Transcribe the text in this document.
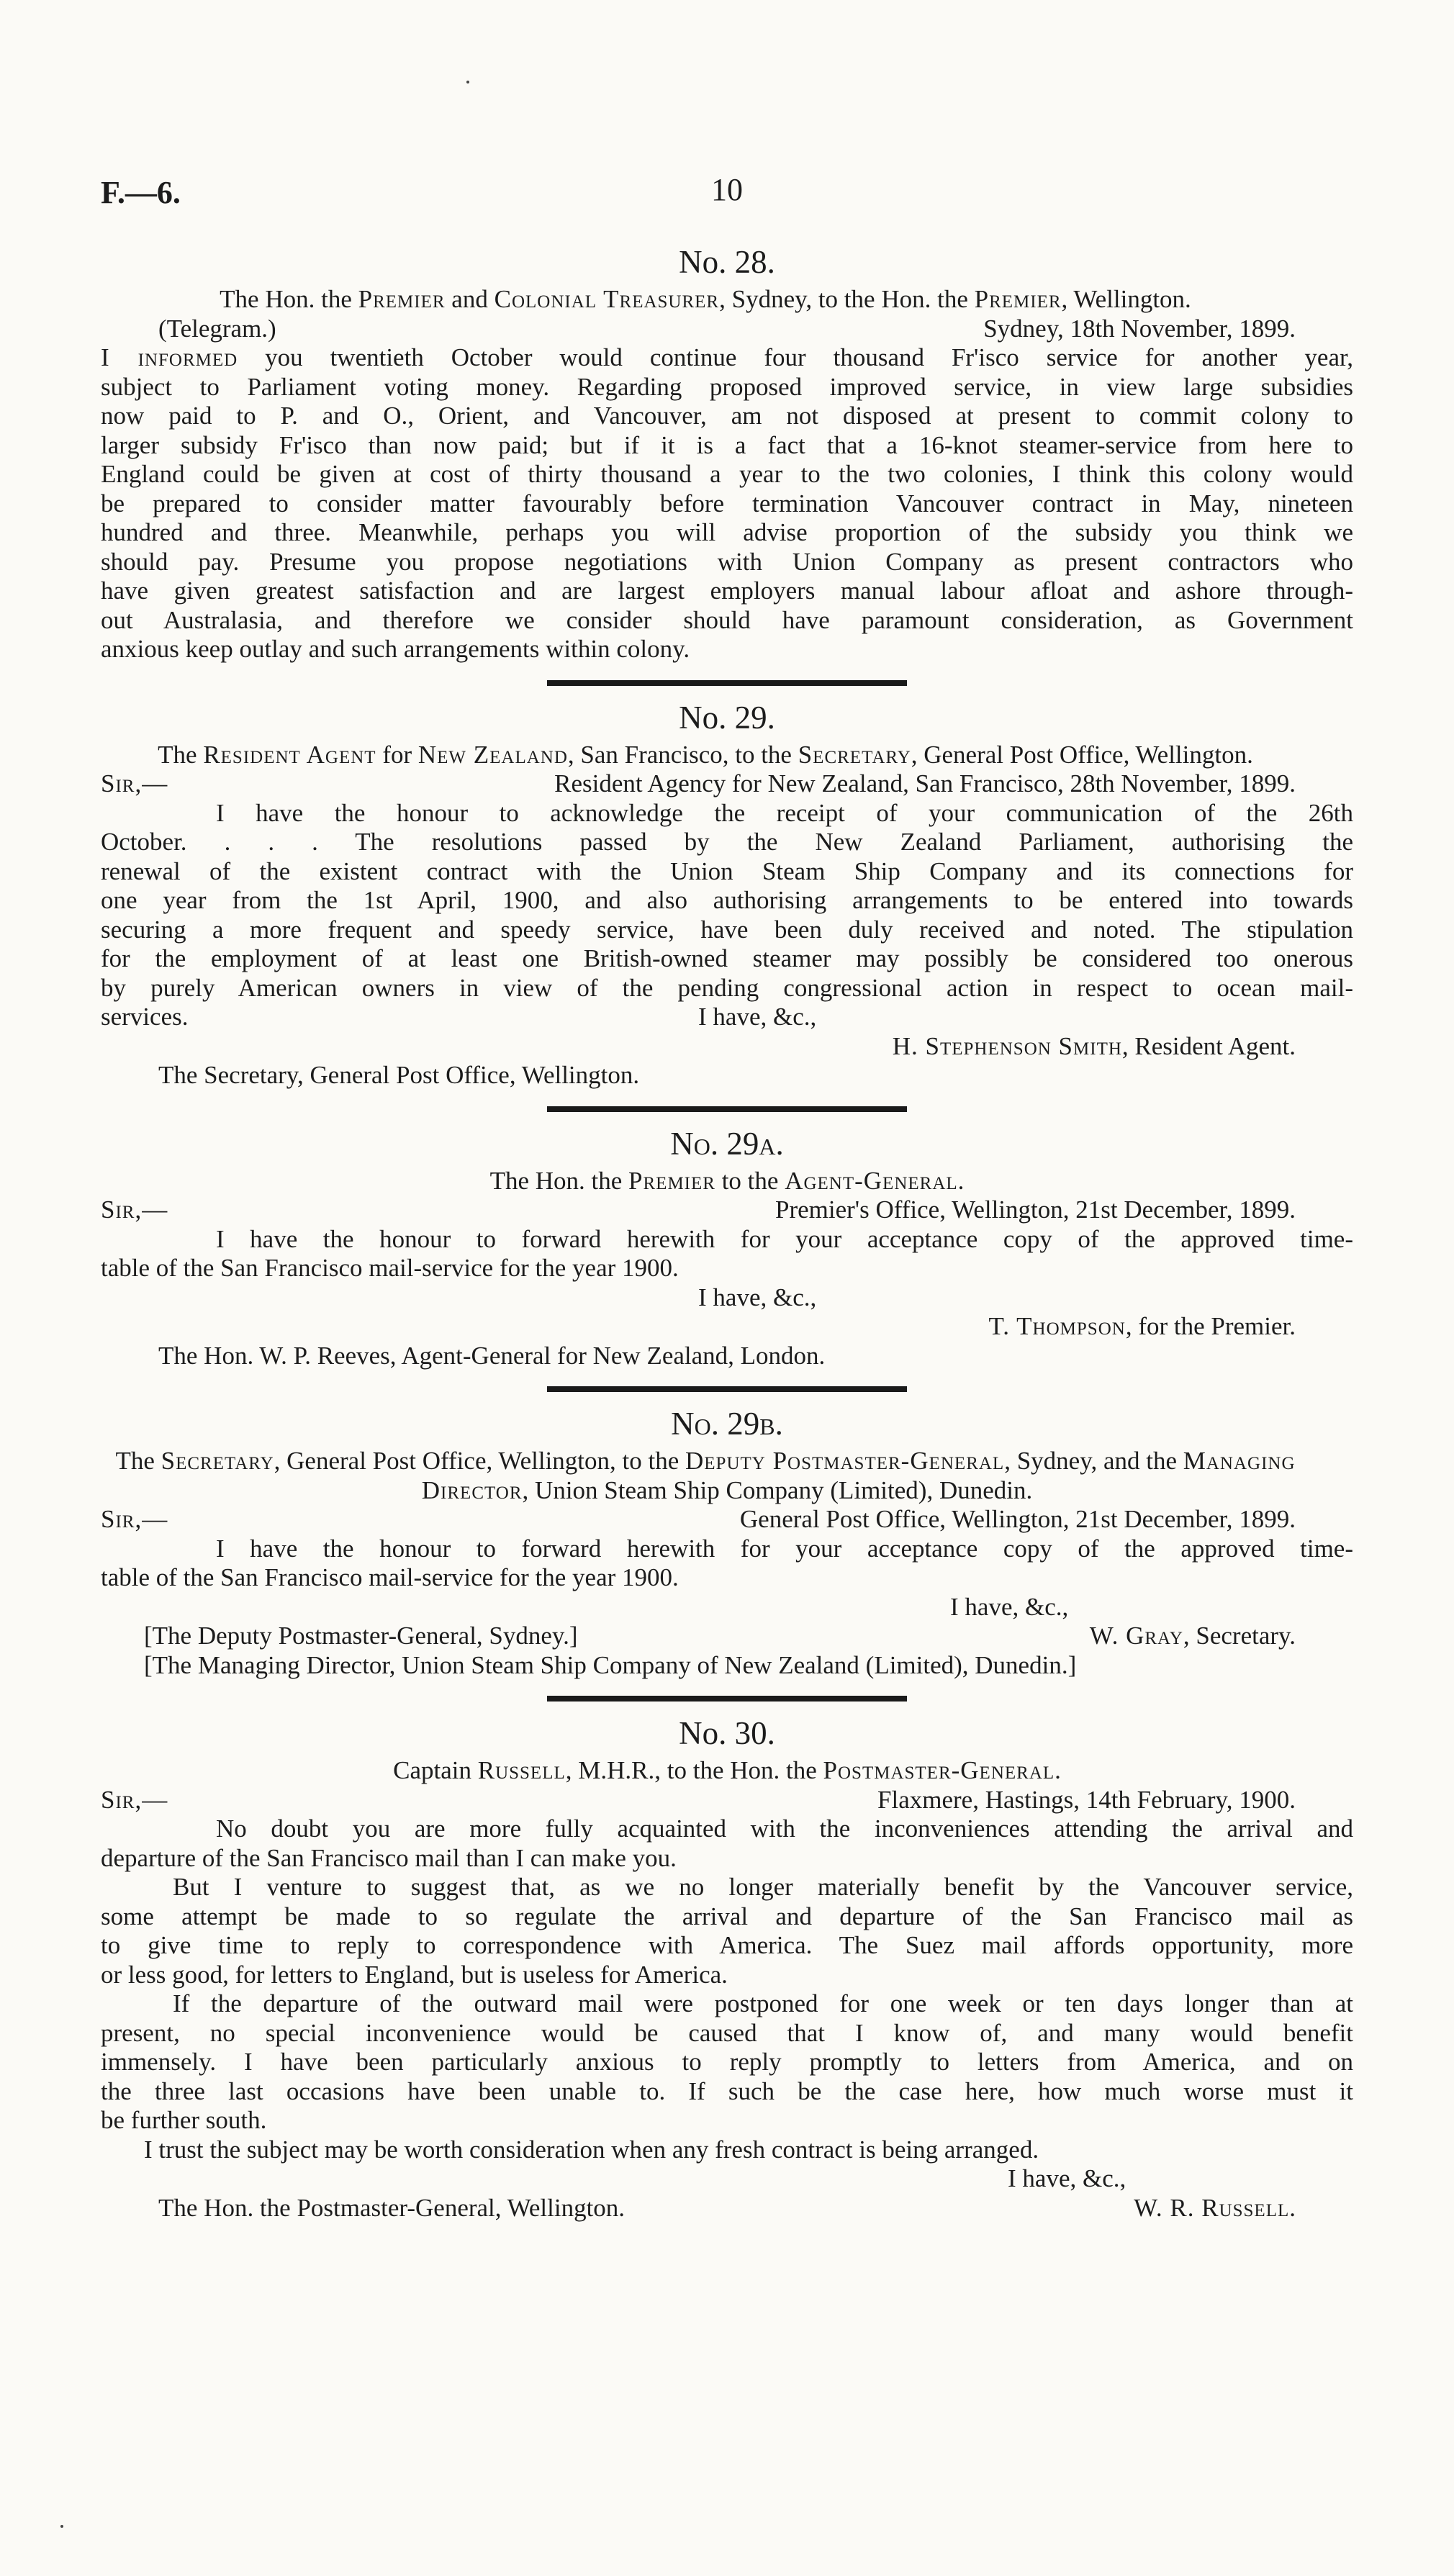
F.—6.	10
No. 28.

The Hon. the Premier and Colonial Treasurer, Sydney, to the Hon. the Premier, Wellington.

(Telegram.)	Sydney, 18th November, 1899.

I informed you twentieth October would continue four thousand Fr'isco service for another year,

subject to Parliament voting money. Regarding proposed improved service, in view large subsidies

now paid to P. and O., Orient, and Vancouver, am not disposed at present to commit colony to

larger subsidy Fr'isco than now paid; but if it is a fact that a 16-knot steamer-service from here to

England could be given at cost of thirty thousand a year to the two colonies, I think this colony would

be prepared to consider matter favourably before termination Vancouver contract in May, nineteen

hundred and three. Meanwhile, perhaps you will advise proportion of the subsidy you think we

should pay. Presume you propose negotiations with Union Company as present contractors who

have given greatest satisfaction and are largest employers manual labour afloat and ashore through-

out Australasia, and therefore we consider should have paramount consideration, as Government

anxious keep outlay and such arrangements within colony.

No. 29.

The Resident Agent for New Zealand, San Francisco, to the Secretary, General Post Office, Wellington.

Sir,—	Resident Agency for New Zealand, San Francisco, 28th November, 1899.

I have the honour to acknowledge the receipt of your communication of the 26th

October. . . . The resolutions passed by the New Zealand Parliament, authorising the

renewal of the existent contract with the Union Steam Ship Company and its connections for

one year from the 1st April, 1900, and also authorising arrangements to be entered into towards

securing a more frequent and speedy service, have been duly received and noted. The stipulation

for the employment of at least one British-owned steamer may possibly be considered too onerous

by purely American owners in view of the pending congressional action in respect to ocean mail-

services.	I have, &c.,
H. Stephenson Smith, Resident Agent.
The Secretary, General Post Office, Wellington.
No. 29a.

The Hon. the Premier to the Agent-General.

Sir,—	Premier's Office, Wellington, 21st December, 1899.

I have the honour to forward herewith for your acceptance copy of the approved time-

table of the San Francisco mail-service for the year 1900.

I have, &c.,
T. Thompson, for the Premier.
The Hon. W. P. Reeves, Agent-General for New Zealand, London.
No. 29b.

The Secretary, General Post Office, Wellington, to the Deputy Postmaster-General, Sydney, and the Managing Director, Union Steam Ship Company (Limited), Dunedin.

Sir,—	General Post Office, Wellington, 21st December, 1899.

I have the honour to forward herewith for your acceptance copy of the approved time-

table of the San Francisco mail-service for the year 1900.

I have, &c.,
[The Deputy Postmaster-General, Sydney.]	W. Gray, Secretary.
[The Managing Director, Union Steam Ship Company of New Zealand (Limited), Dunedin.]
No. 30.

Captain Russell, M.H.R., to the Hon. the Postmaster-General.

Sir,—	Flaxmere, Hastings, 14th February, 1900.

No doubt you are more fully acquainted with the inconveniences attending the arrival and

departure of the San Francisco mail than I can make you.

But I venture to suggest that, as we no longer materially benefit by the Vancouver service,

some attempt be made to so regulate the arrival and departure of the San Francisco mail as

to give time to reply to correspondence with America. The Suez mail affords opportunity, more

or less good, for letters to England, but is useless for America.

If the departure of the outward mail were postponed for one week or ten days longer than at

present, no special inconvenience would be caused that I know of, and many would benefit

immensely. I have been particularly anxious to reply promptly to letters from America, and on

the three last occasions have been unable to. If such be the case here, how much worse must it

be further south.

I trust the subject may be worth consideration when any fresh contract is being arranged.

I have, &c.,
The Hon. the Postmaster-General, Wellington.	W. R. Russell.
